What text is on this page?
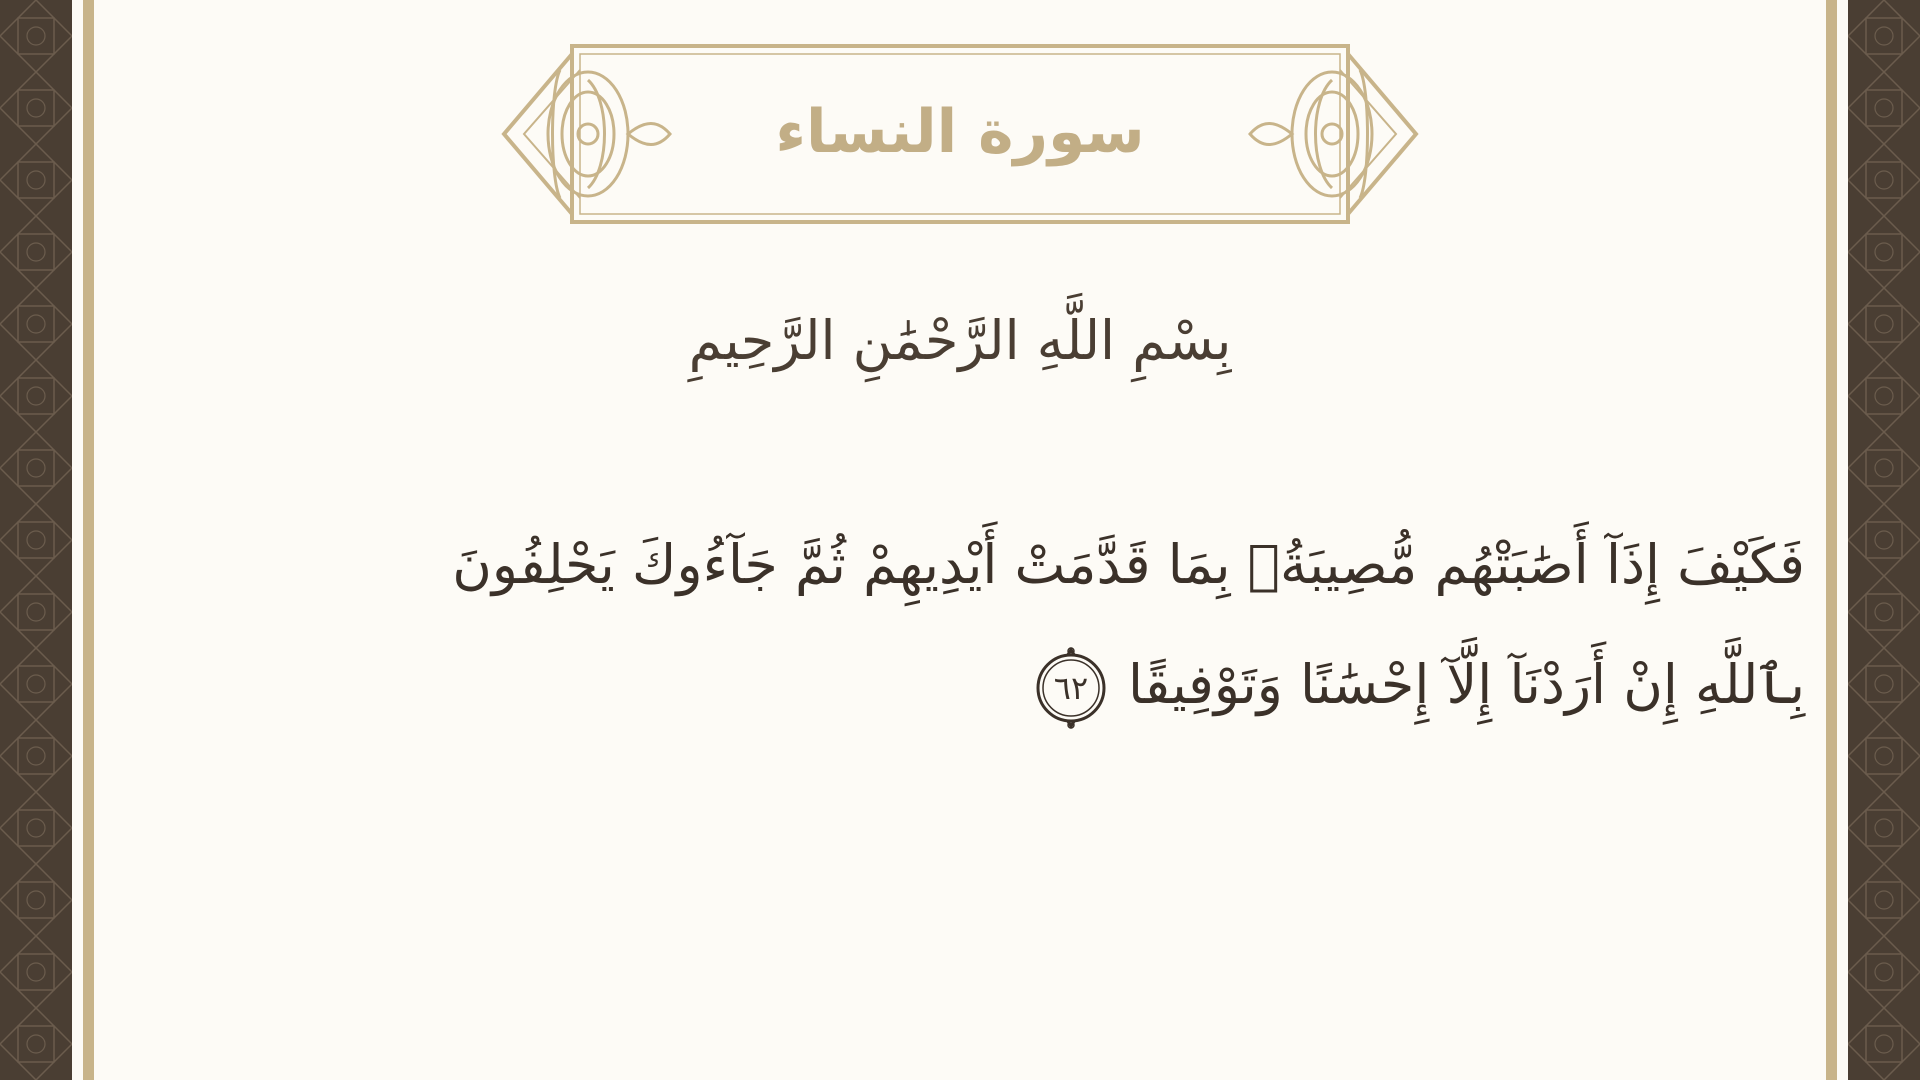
سورة النساء
بِسْمِ اللَّهِ الرَّحْمَٰنِ الرَّحِيمِ
فَكَيْفَ إِذَآ أَصَٰبَتْهُم مُّصِيبَةُۢ بِمَا قَدَّمَتْ أَيْدِيهِمْ ثُمَّ جَآءُوكَ يَحْلِفُونَ
بِٱللَّهِ إِنْ أَرَدْنَآ إِلَّآ إِحْسَٰنًا وَتَوْفِيقًا
٦٢
